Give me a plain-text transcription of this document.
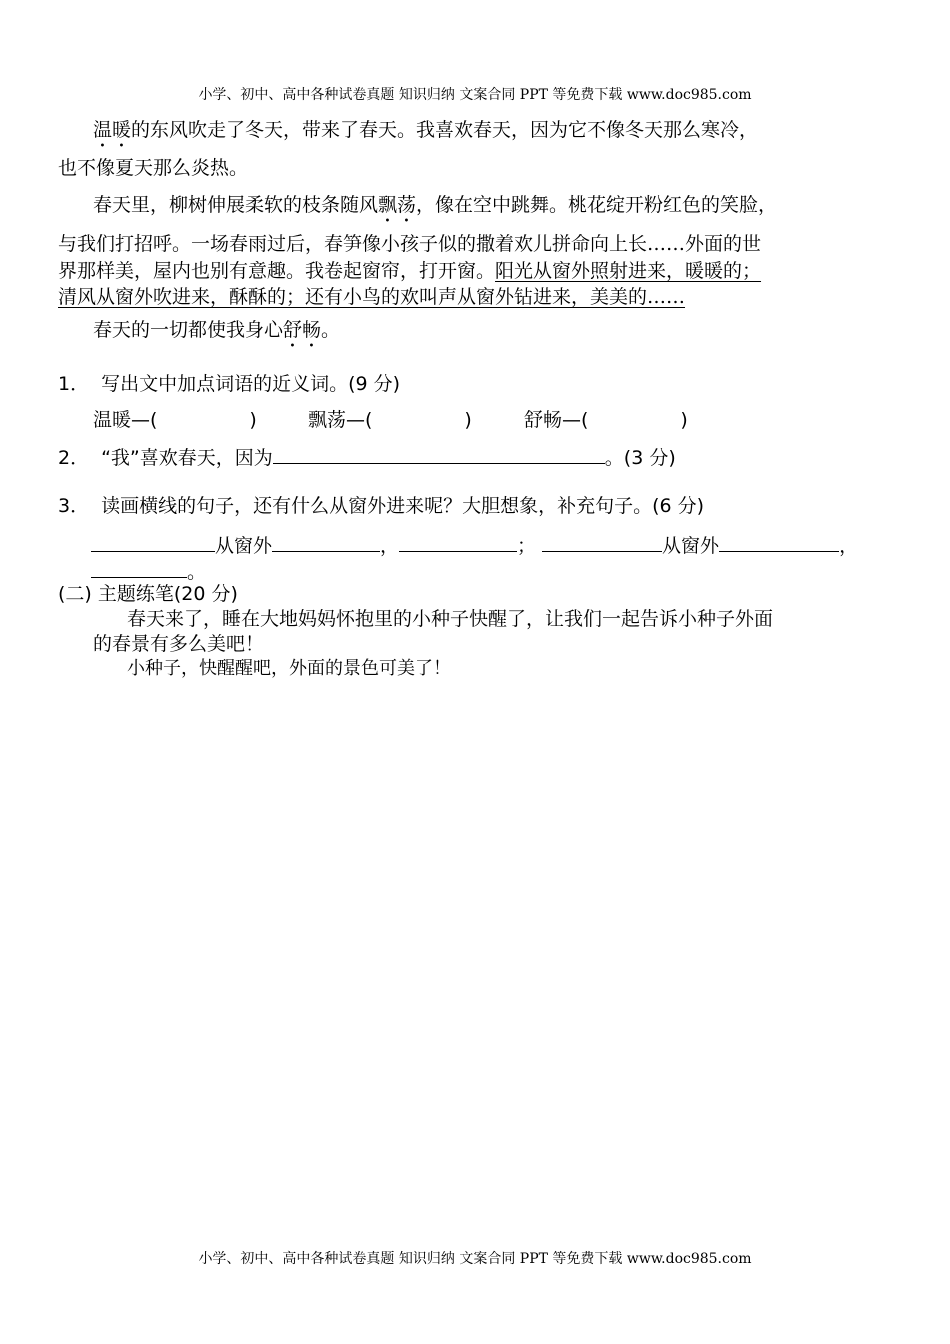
小学、初中、高中各种试卷真题 知识归纳 文案合同 PPT 等免费下载 www.doc985.com
温暖的东风吹走了冬天，带来了春天。我喜欢春天，因为它不像冬天那么寒冷，
也不像夏天那么炎热。
春天里，柳树伸展柔软的枝条随风飘荡，像在空中跳舞。桃花绽开粉红色的笑脸，
与我们打招呼。一场春雨过后，春笋像小孩子似的撒着欢儿拼命向上长……外面的世
界那样美，屋内也别有意趣。我卷起窗帘，打开窗。阳光从窗外照射进来，暖暖的；
清风从窗外吹进来，酥酥的；还有小鸟的欢叫声从窗外钻进来，美美的……
春天的一切都使我身心舒畅。
1． 写出文中加点词语的近义词。(9 分)
温暖—(	)	飘荡—(	)	舒畅—(	)
2． “我”喜欢春天，因为	。(3 分)
3． 读画横线的句子，还有什么从窗外进来呢？大胆想象，补充句子。(6 分)
从窗外	，	；	从窗外	，
。
(二) 主题练笔(20 分)
春天来了，睡在大地妈妈怀抱里的小种子快醒了，让我们一起告诉小种子外面
的春景有多么美吧！
小种子，快醒醒吧，外面的景色可美了！
小学、初中、高中各种试卷真题 知识归纳 文案合同 PPT 等免费下载 www.doc985.com
